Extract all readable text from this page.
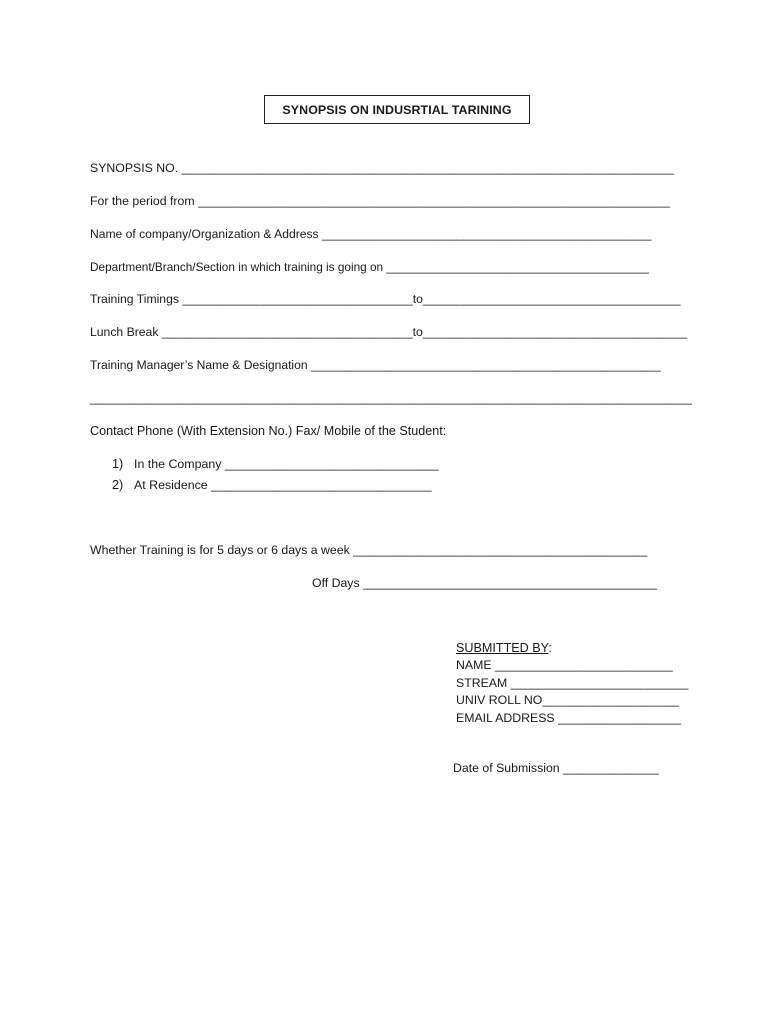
SYNOPSIS ON INDUSRTIAL TARINING
SYNOPSIS NO. ________________________________________________________________________
For the period from _____________________________________________________________________
Name of company/Organization & Address _________________________________________________
Department/Branch/Section in which training is going on ________________________________________
Training Timings __________________________________to______________________________________
Lunch Break _____________________________________to_______________________________________
Training Manager’s Name & Designation ____________________________________________________
________________________________________________________________________________________
Contact Phone (With Extension No.) Fax/ Mobile of the Student:
1) In the Company _______________________________
2) At Residence ________________________________
Whether Training is for 5 days or 6 days a week ___________________________________________
Off Days ___________________________________________
SUBMITTED BY:
NAME __________________________
STREAM __________________________
UNIV ROLL NO____________________
EMAIL ADDRESS __________________
Date of Submission ______________
